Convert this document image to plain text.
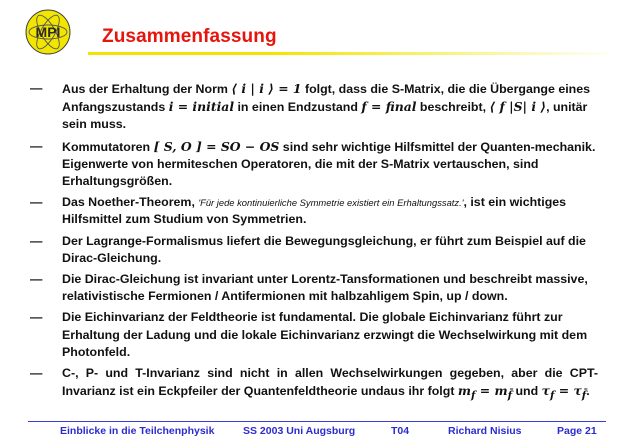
MPI Zusammenfassung
—	Aus der Erhaltung der Norm ⟨ i | i ⟩ = 1 folgt, dass die S-Matrix, die die Übergange eines Anfangszustands i = initial in einen Endzustand f = final beschreibt, ⟨ f |S| i ⟩, unitär sein muss.
—	Kommutatoren [ S, O ] = SO − OS sind sehr wichtige Hilfsmittel der Quanten-mechanik. Eigenwerte von hermiteschen Operatoren, die mit der S-Matrix vertauschen, sind Erhaltungsgrößen.
—	Das Noether-Theorem, 'Für jede kontinuierliche Symmetrie existiert ein Erhaltungssatz.', ist ein wichtiges Hilfsmittel zum Studium von Symmetrien.
—	Der Lagrange-Formalismus liefert die Bewegungsgleichung, er führt zum Beispiel auf die Dirac-Gleichung.
—	Die Dirac-Gleichung ist invariant unter Lorentz-Tansformationen und beschreibt massive, relativistische Fermionen / Antifermionen mit halbzahligem Spin, up / down.
—	Die Eichinvarianz der Feldtheorie ist fundamental. Die globale Eichinvarianz führt zur Erhaltung der Ladung und die lokale Eichinvarianz erzwingt die Wechselwirkung mit dem Photonfeld.
—	C-, P- und T-Invarianz sind nicht in allen Wechselwirkungen gegeben, aber die CPT-Invarianz ist ein Eckpfeiler der Quantenfeldtheorie undaus ihr folgt $m_f = m_{f̄}$ und $\tau_f = \tau_{f̄}$.
Einblicke in die Teilchenphysik	SS 2003 Uni Augsburg	T04	Richard Nisius	Page 21
